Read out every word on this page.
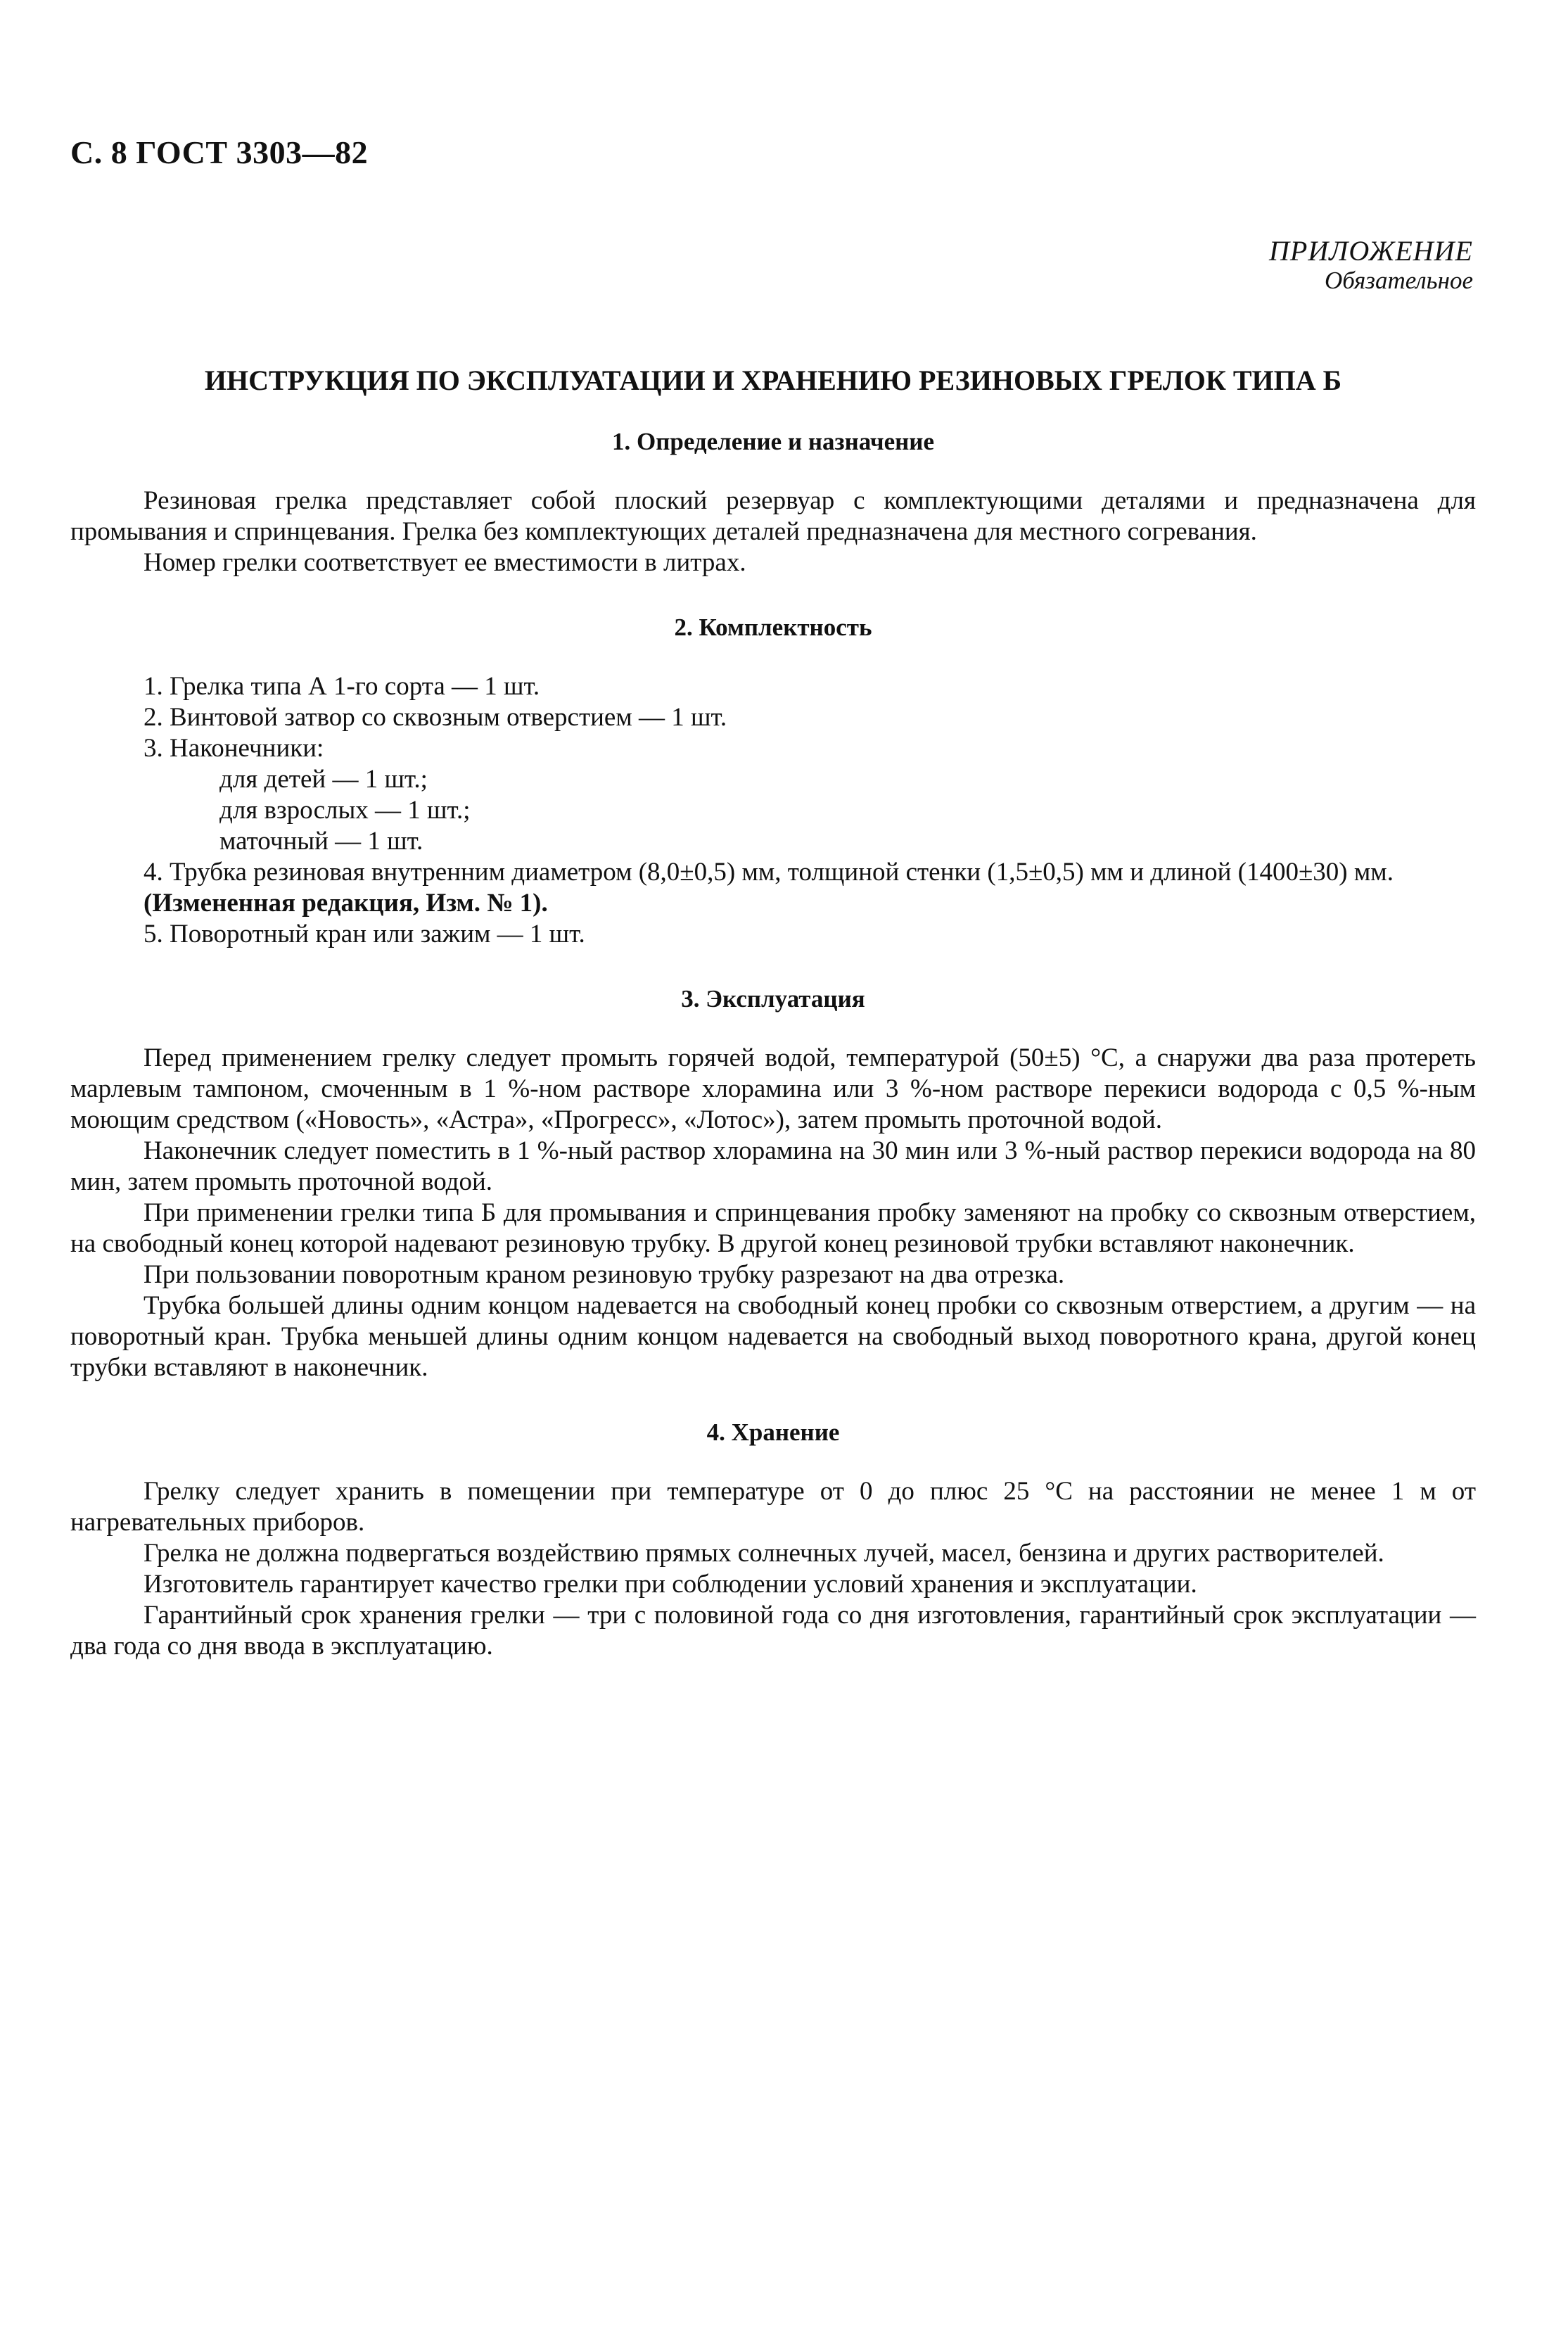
С. 8 ГОСТ 3303—82
ПРИЛОЖЕНИЕ
Обязательное
ИНСТРУКЦИЯ ПО ЭКСПЛУАТАЦИИ И ХРАНЕНИЮ РЕЗИНОВЫХ ГРЕЛОК ТИПА Б
1. Определение и назначение

Резиновая грелка представляет собой плоский резервуар с комплектующими деталями и предназначена для промывания и спринцевания. Грелка без комплектующих деталей предназначена для местного согревания.

Номер грелки соответствует ее вместимости в литрах.

2. Комплектность
1. Грелка типа А 1-го сорта — 1 шт.
2. Винтовой затвор со сквозным отверстием — 1 шт.
3. Наконечники:
для детей — 1 шт.;
для взрослых — 1 шт.;
маточный — 1 шт.
4. Трубка резиновая внутренним диаметром (8,0±0,5) мм, толщиной стенки (1,5±0,5) мм и длиной (1400±30) мм.
(Измененная редакция, Изм. № 1).
5. Поворотный кран или зажим — 1 шт.
3. Эксплуатация

Перед применением грелку следует промыть горячей водой, температурой (50±5) °С, а снаружи два раза протереть марлевым тампоном, смоченным в 1 %-ном растворе хлорамина или 3 %-ном растворе перекиси водорода с 0,5 %-ным моющим средством («Новость», «Астра», «Прогресс», «Лотос»), затем промыть проточной водой.

Наконечник следует поместить в 1 %-ный раствор хлорамина на 30 мин или 3 %-ный раствор перекиси водорода на 80 мин, затем промыть проточной водой.

При применении грелки типа Б для промывания и спринцевания пробку заменяют на пробку со сквозным отверстием, на свободный конец которой надевают резиновую трубку. В другой конец резиновой трубки вставляют наконечник.

При пользовании поворотным краном резиновую трубку разрезают на два отрезка.

Трубка большей длины одним концом надевается на свободный конец пробки со сквозным отверстием, а другим — на поворотный кран. Трубка меньшей длины одним концом надевается на свободный выход поворотного крана, другой конец трубки вставляют в наконечник.

4. Хранение

Грелку следует хранить в помещении при температуре от 0 до плюс 25 °С на расстоянии не менее 1 м от нагревательных приборов.

Грелка не должна подвергаться воздействию прямых солнечных лучей, масел, бензина и других растворителей.

Изготовитель гарантирует качество грелки при соблюдении условий хранения и эксплуатации.

Гарантийный срок хранения грелки — три с половиной года со дня изготовления, гарантийный срок эксплуатации — два года со дня ввода в эксплуатацию.
